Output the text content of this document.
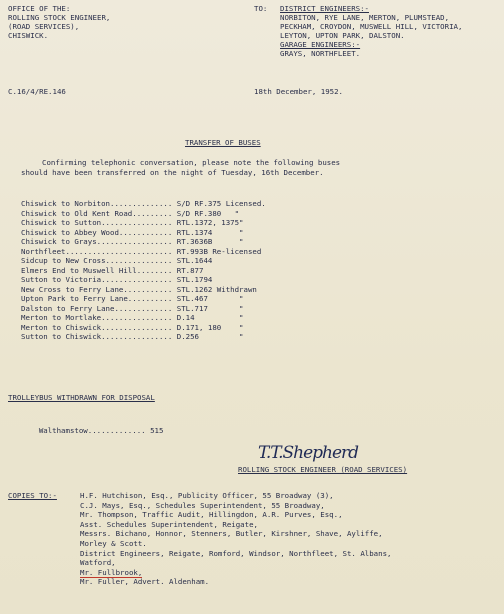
OFFICE OF THE:
ROLLING STOCK ENGINEER,
(ROAD SERVICES),
CHISWICK.
TO: DISTRICT ENGINEERS:-
NORBITON, RYE LANE, MERTON, PLUMSTEAD,
PECKHAM, CROYDON, MUSWELL HILL, VICTORIA,
LEYTON, UPTON PARK, DALSTON.
GARAGE ENGINEERS:-
GRAYS, NORTHFLEET.
C.16/4/RE.146	18th December, 1952.
TRANSFER OF BUSES
Confirming telephonic conversation, please note the following buses
should have been transferred on the night of Tuesday, 16th December.
Chiswick to Norbiton.............. S/D RF.375 Licensed.
Chiswick to Old Kent Road......... S/D RF.380   "
Chiswick to Sutton................ RTL.1372, 1375"
Chiswick to Abbey Wood............ RTL.1374      "
Chiswick to Grays................. RT.3636B      "
Northfleet........................ RT.993B Re-licensed
Sidcup to New Cross............... STL.1644
Elmers End to Muswell Hill........ RT.877
Sutton to Victoria................ STL.1794
New Cross to Ferry Lane........... STL.1262 Withdrawn
Upton Park to Ferry Lane.......... STL.467       "
Dalston to Ferry Lane............. STL.717       "
Merton to Mortlake................ D.14          "
Merton to Chiswick................ D.171, 180    "
Sutton to Chiswick................ D.256         "
TROLLEYBUS WITHDRAWN FOR DISPOSAL

Walthamstow............. 515

T.T.Shepherd
ROLLING STOCK ENGINEER (ROAD SERVICES)
COPIES TO:-	H.F. Hutchison, Esq., Publicity Officer, 55 Broadway (3),
C.J. Mays, Esq., Schedules Superintendent, 55 Broadway,
Mr. Thompson, Traffic Audit, Hillingdon, A.R. Purves, Esq.,
Asst. Schedules Superintendent, Reigate,
Messrs. Bichano, Honnor, Stenners, Butler, Kirshner, Shave, Ayliffe,
Morley & Scott.
District Engineers, Reigate, Romford, Windsor, Northfleet, St. Albans,
Watford,
Mr. Fullbrook,
Mr. Fuller, Advert. Aldenham.
